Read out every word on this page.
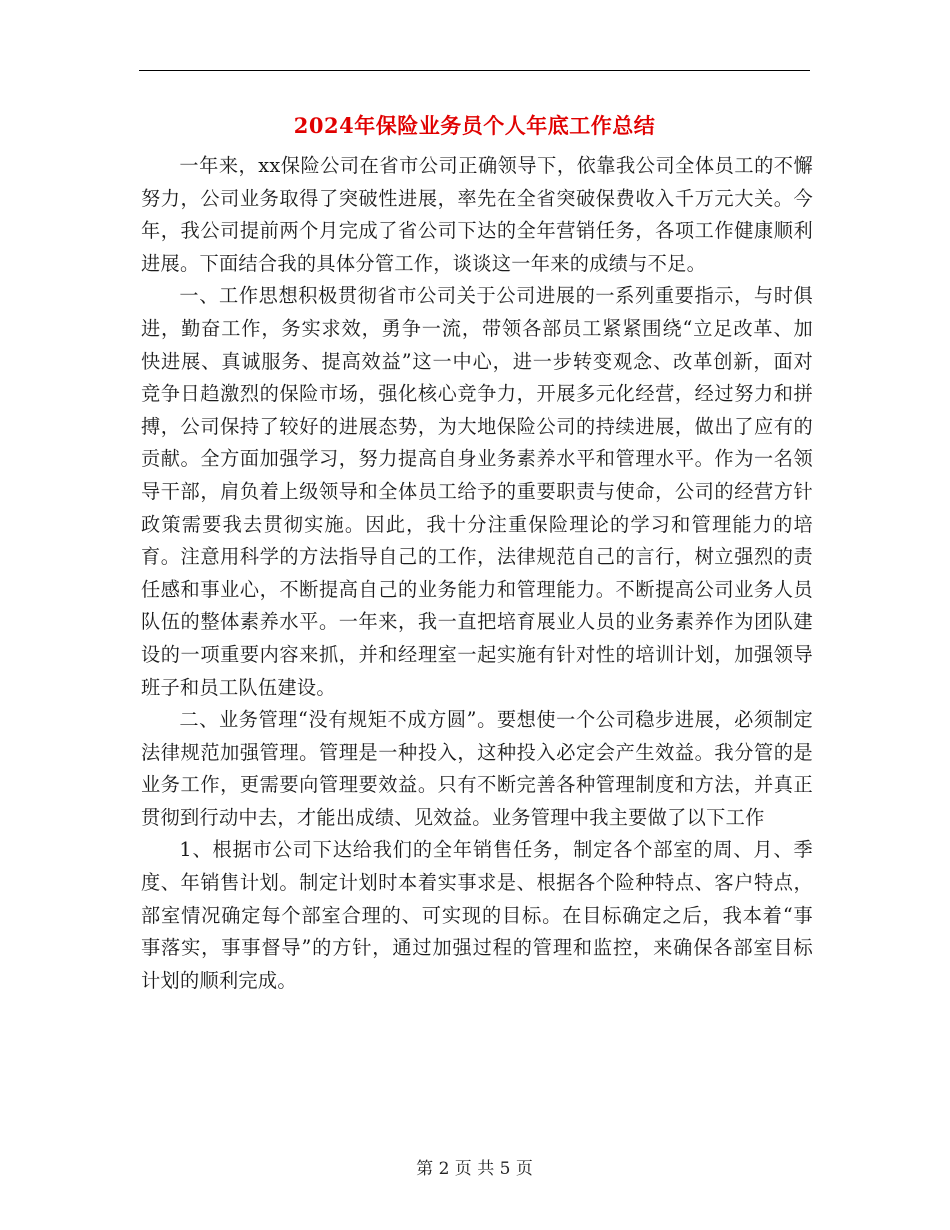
2024年保险业务员个人年底工作总结

一年来，xx保险公司在省市公司正确领导下，依靠我公司全体员工的不懈努力，公司业务取得了突破性进展，率先在全省突破保费收入千万元大关。今年，我公司提前两个月完成了省公司下达的全年营销任务，各项工作健康顺利进展。下面结合我的具体分管工作，谈谈这一年来的成绩与不足。

一、工作思想积极贯彻省市公司关于公司进展的一系列重要指示，与时俱进，勤奋工作，务实求效，勇争一流，带领各部员工紧紧围绕“立足改革、加快进展、真诚服务、提高效益”这一中心，进一步转变观念、改革创新，面对竞争日趋激烈的保险市场，强化核心竞争力，开展多元化经营，经过努力和拼搏，公司保持了较好的进展态势，为大地保险公司的持续进展，做出了应有的贡献。全方面加强学习，努力提高自身业务素养水平和管理水平。作为一名领导干部，肩负着上级领导和全体员工给予的重要职责与使命，公司的经营方针政策需要我去贯彻实施。因此，我十分注重保险理论的学习和管理能力的培育。注意用科学的方法指导自己的工作，法律规范自己的言行，树立强烈的责任感和事业心，不断提高自己的业务能力和管理能力。不断提高公司业务人员队伍的整体素养水平。一年来，我一直把培育展业人员的业务素养作为团队建设的一项重要内容来抓，并和经理室一起实施有针对性的培训计划，加强领导班子和员工队伍建设。

二、业务管理“没有规矩不成方圆”。要想使一个公司稳步进展，必须制定法律规范加强管理。管理是一种投入，这种投入必定会产生效益。我分管的是业务工作，更需要向管理要效益。只有不断完善各种管理制度和方法，并真正贯彻到行动中去，才能出成绩、见效益。业务管理中我主要做了以下工作

1、根据市公司下达给我们的全年销售任务，制定各个部室的周、月、季度、年销售计划。制定计划时本着实事求是、根据各个险种特点、客户特点，部室情况确定每个部室合理的、可实现的目标。在目标确定之后，我本着“事事落实，事事督导”的方针，通过加强过程的管理和监控，来确保各部室目标计划的顺利完成。

第 2 页 共 5 页
